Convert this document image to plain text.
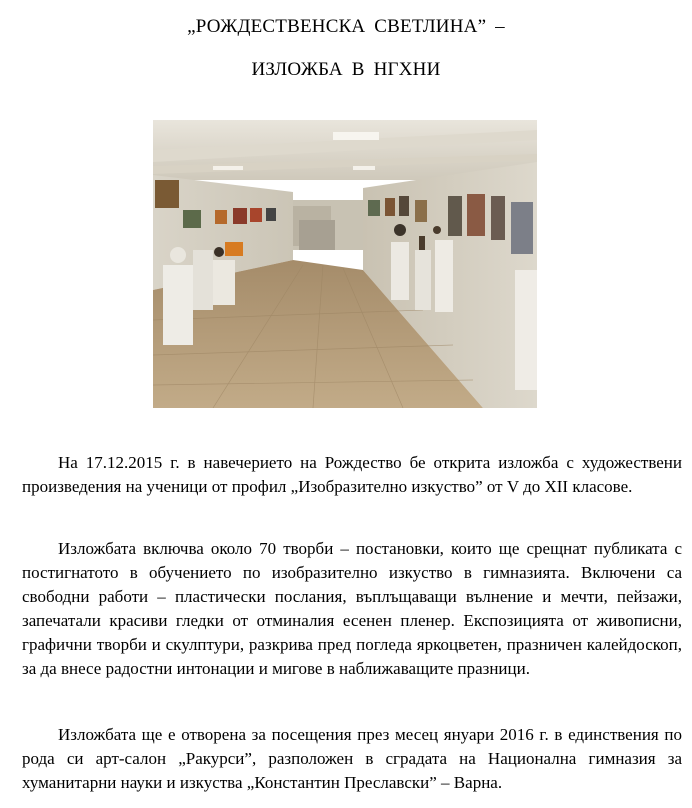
„РОЖДЕСТВЕНСКА СВЕТЛИНА” –
ИЗЛОЖБА В НГХНИ

На 17.12.2015 г. в навечерието на Рождество бе открита изложба с художествени произведения на ученици от профил „Изобразително изкуство” от V до XII класове.

Изложбата включва около 70 творби – постановки, които ще срещнат публиката с постигнатото в обучението по изобразително изкуство в гимназията. Включени са свободни работи – пластически послания, въплъщаващи вълнение и мечти, пейзажи, запечатали красиви гледки от отминалия есенен пленер. Експозицията от живописни, графични творби и скулптури, разкрива пред погледа яркоцветен, празничен калейдоскоп, за да внесе радостни интонации и мигове в наближаващите празници.

Изложбата ще е отворена за посещения през месец януари 2016 г. в единствения по рода си арт-салон „Ракурси”, разположен в сградата на Национална гимназия за хуманитарни науки и изкуства „Константин Преславски” – Варна.
